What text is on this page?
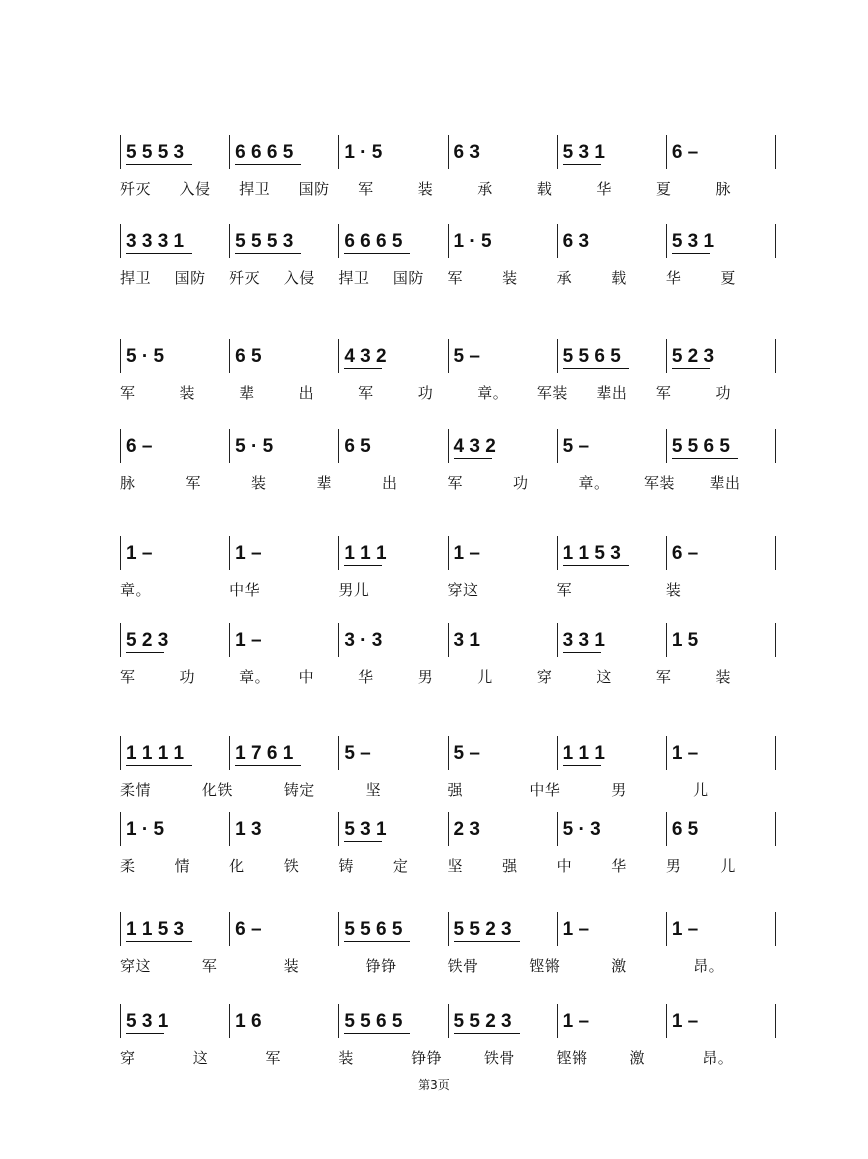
5 5 5 3	6 6 6 5	1 · 5	6 3	5 3 1	6 –
歼灭 入侵 捍卫 国防 军	装	承	载	华	夏	脉
3 3 3 1	5 5 5 3	6 6 6 5	1 · 5	6 3	5 3 1
捍卫 国防 歼灭 入侵 捍卫 国防 军	装	承	载	华	夏
5 · 5	6 5	4 3 2	5 –	5 5 6 5	5 2 3
军	装	辈	出	军	功	章。 军装 辈出 军	功
6 –	5 · 5	6 5	4 3 2	5 –	5 5 6 5
脉	军	装	辈	出	军	功	章。 军装 辈出
1 –	1 –	1 1 1	1 –	1 1 5 3	6 –
章。	中华	男儿	穿这	军	装
5 2 3	1 –	3 · 3	3 1	3 3 1	1 5
军	功	章。 中	华	男	儿	穿	这	军	装
1 1 1 1	1 7 6 1	5 –	5 –	1 1 1	1 –
柔情	化铁	铸定	坚	强	中华	男	儿
1 · 5	1 3	5 3 1	2 3	5 · 3	6 5
柔	情	化	铁	铸	定	坚	强	中	华	男	儿
1 1 5 3	6 –	5 5 6 5	5 5 2 3	1 –	1 –
穿这	军	装	铮铮	铁骨	铿锵	激	昂。
5 3 1	1 6	5 5 6 5	5 5 2 3	1 –	1 –
穿	这	军	装	铮铮	铁骨	铿锵	激	昂。
第3页
